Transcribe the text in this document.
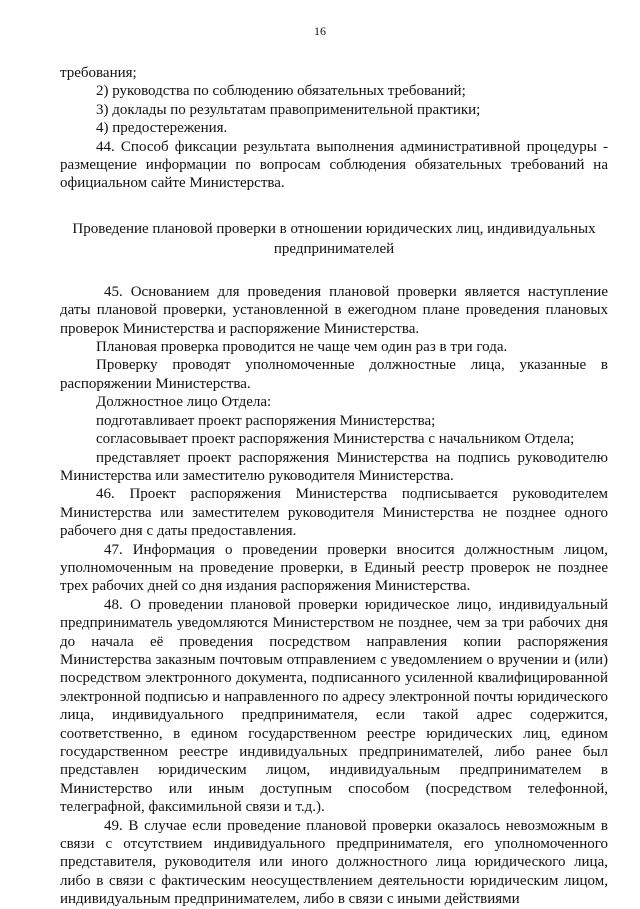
16

требования;

2) руководства по соблюдению обязательных требований;

3) доклады по результатам правоприменительной практики;

4) предостережения.

44. Способ фиксации результата выполнения административной процедуры - размещение информации по вопросам соблюдения обязательных требований на официальном сайте Министерства.

Проведение плановой проверки в отношении юридических лиц, индивидуальных предпринимателей

45. Основанием для проведения плановой проверки является наступление даты плановой проверки, установленной в ежегодном плане проведения плановых проверок Министерства и распоряжение Министерства.

Плановая проверка проводится не чаще чем один раз в три года.

Проверку проводят уполномоченные должностные лица, указанные в распоряжении Министерства.

Должностное лицо Отдела:

подготавливает проект распоряжения Министерства;

согласовывает проект распоряжения Министерства с начальником Отдела;

представляет проект распоряжения Министерства на подпись руководителю Министерства или заместителю руководителя Министерства.

46. Проект распоряжения Министерства подписывается руководителем Министерства или заместителем руководителя Министерства не позднее одного рабочего дня с даты предоставления.

47. Информация о проведении проверки вносится должностным лицом, уполномоченным на проведение проверки, в Единый реестр проверок не позднее трех рабочих дней со дня издания распоряжения Министерства.

48. О проведении плановой проверки юридическое лицо, индивидуальный предприниматель уведомляются Министерством не позднее, чем за три рабочих дня до начала её проведения посредством направления копии распоряжения Министерства заказным почтовым отправлением с уведомлением о вручении и (или) посредством электронного документа, подписанного усиленной квалифицированной электронной подписью и направленного по адресу электронной почты юридического лица, индивидуального предпринимателя, если такой адрес содержится, соответственно, в едином государственном реестре юридических лиц, едином государственном реестре индивидуальных предпринимателей, либо ранее был представлен юридическим лицом, индивидуальным предпринимателем в Министерство или иным доступным способом (посредством телефонной, телеграфной, факсимильной связи и т.д.).

49. В случае если проведение плановой проверки оказалось невозможным в связи с отсутствием индивидуального предпринимателя, его уполномоченного представителя, руководителя или иного должностного лица юридического лица, либо в связи с фактическим неосуществлением деятельности юридическим лицом, индивидуальным предпринимателем, либо в связи с иными действиями
